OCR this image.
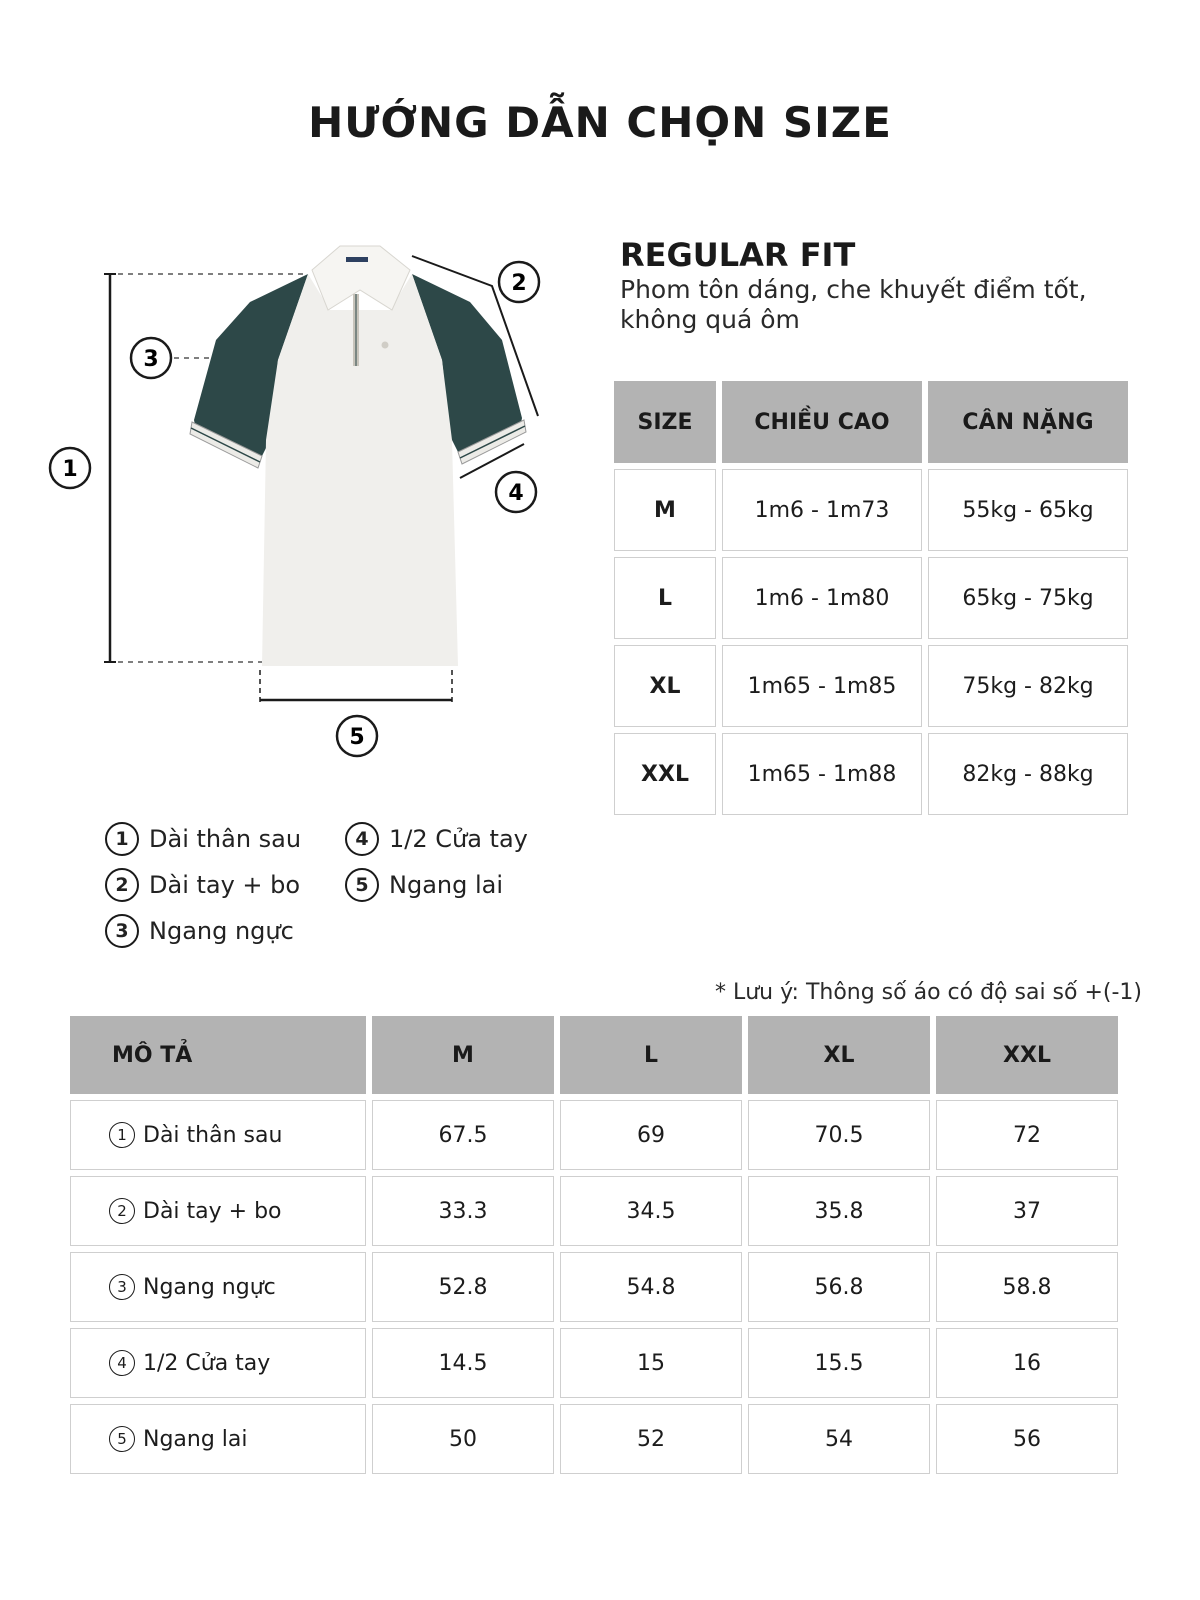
HƯỚNG DẪN CHỌN SIZE
1
2
3
4
5
REGULAR FIT
Phom tôn dáng, che khuyết điểm tốt, không quá ôm
SIZE	CHIỀU CAO	CÂN NẶNG
M	1m6 - 1m73	55kg - 65kg
L	1m6 - 1m80	65kg - 75kg
XL	1m65 - 1m85	75kg - 82kg
XXL	1m65 - 1m88	82kg - 88kg
1 Dài thân sau
2 Dài tay + bo
3 Ngang ngực
4 1/2 Cửa tay
5 Ngang lai
* Lưu ý: Thông số áo có độ sai số +(-1)
MÔ TẢ	M	L	XL	XXL

1 Dài thân sau	67.5	69	70.5	72

2 Dài tay + bo	33.3	34.5	35.8	37

3 Ngang ngực	52.8	54.8	56.8	58.8

4 1/2 Cửa tay	14.5	15	15.5	16

5 Ngang lai	50	52	54	56
